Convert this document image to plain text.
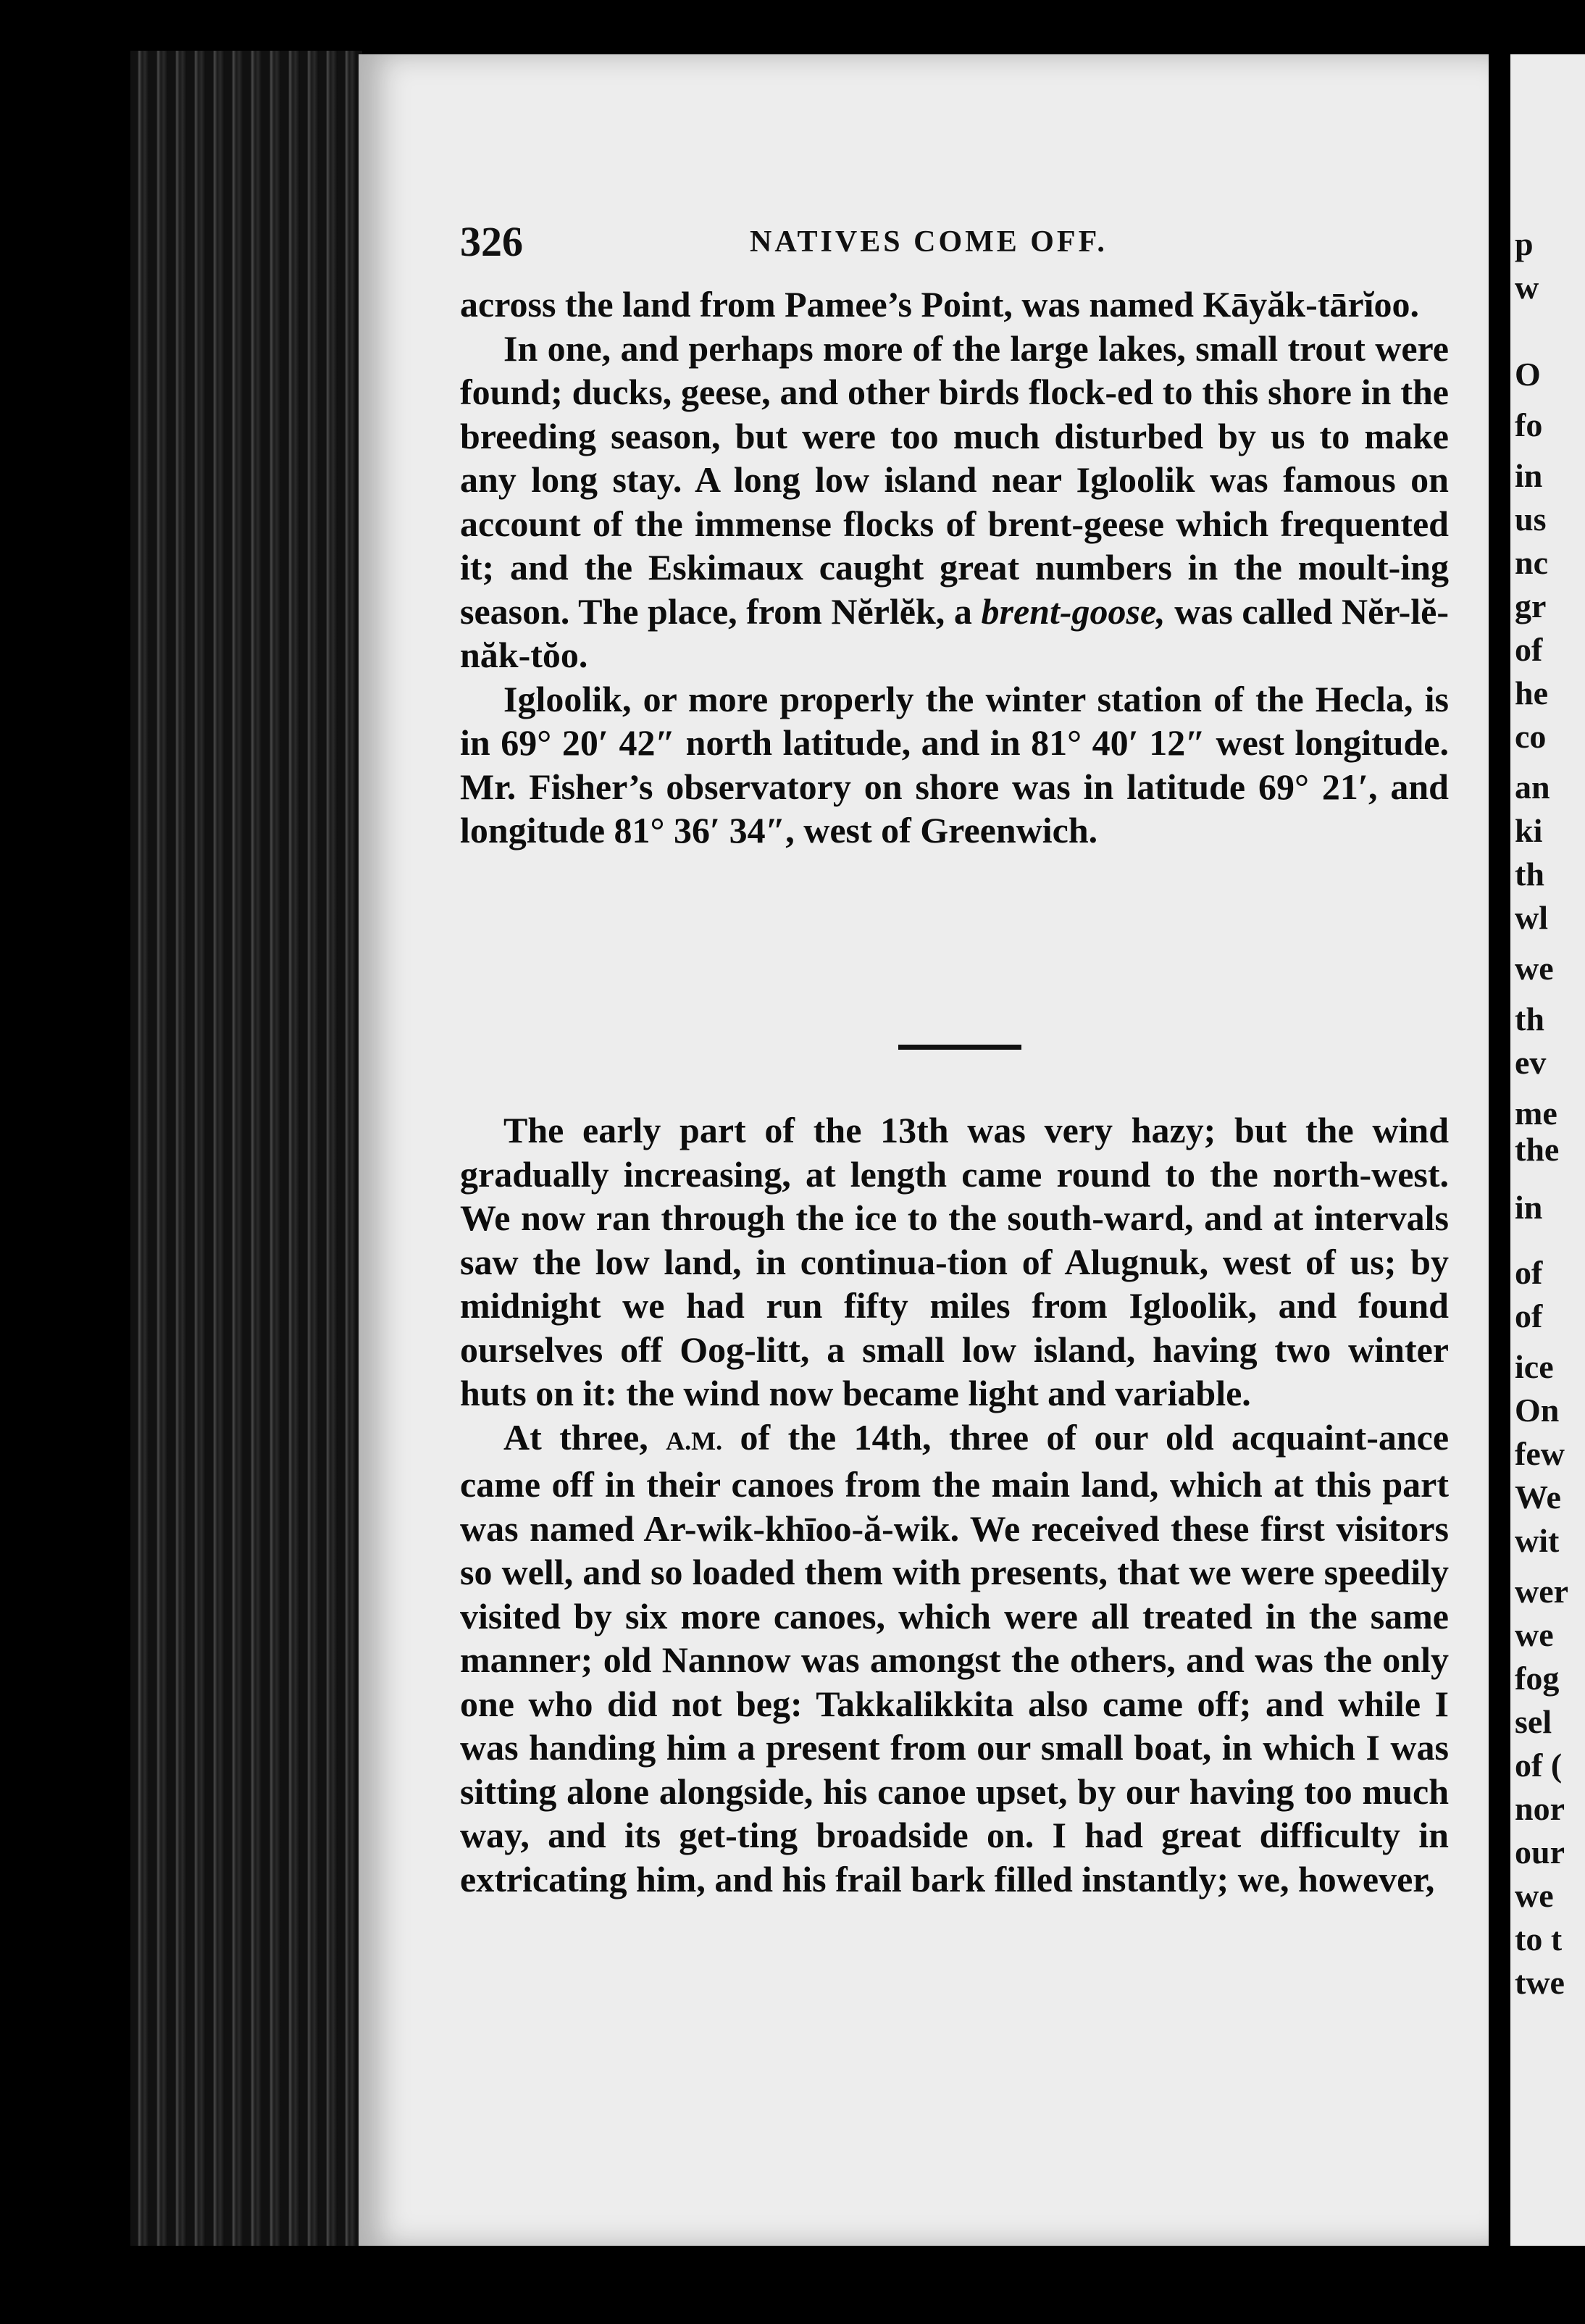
p
w
O
fo
in
us
nc
gr
of
he
co
an
ki
th
wl
we
th
ev
me
the
in
of
of
ice
On
few
We
wit
wer
we
fog
sel
of (
nor
our
we
to t
twe
326	NATIVES COME OFF.

across the land from Pamee’s Point, was named Kāyăk-tārĭoo.

In one, and perhaps more of the large lakes, small trout were found; ducks, geese, and other birds flock-ed to this shore in the breeding season, but were too much disturbed by us to make any long stay. A long low island near Igloolik was famous on account of the immense flocks of brent-geese which frequented it; and the Eskimaux caught great numbers in the moult-ing season. The place, from Nĕrlĕk, a brent-goose, was called Nĕr-lĕ-năk-tŏo.

Igloolik, or more properly the winter station of the Hecla, is in 69° 20′ 42″ north latitude, and in 81° 40′ 12″ west longitude. Mr. Fisher’s observatory on shore was in latitude 69° 21′, and longitude 81° 36′ 34″, west of Greenwich.

The early part of the 13th was very hazy; but the wind gradually increasing, at length came round to the north-west. We now ran through the ice to the south-ward, and at intervals saw the low land, in continua-tion of Alugnuk, west of us; by midnight we had run fifty miles from Igloolik, and found ourselves off Oog-litt, a small low island, having two winter huts on it: the wind now became light and variable.

At three, A.M. of the 14th, three of our old acquaint-ance came off in their canoes from the main land, which at this part was named Ar-wik-khīoo-ă-wik. We received these first visitors so well, and so loaded them with presents, that we were speedily visited by six more canoes, which were all treated in the same manner; old Nannow was amongst the others, and was the only one who did not beg: Takkalikkita also came off; and while I was handing him a present from our small boat, in which I was sitting alone alongside, his canoe upset, by our having too much way, and its get-ting broadside on. I had great difficulty in extricating him, and his frail bark filled instantly; we, however,
